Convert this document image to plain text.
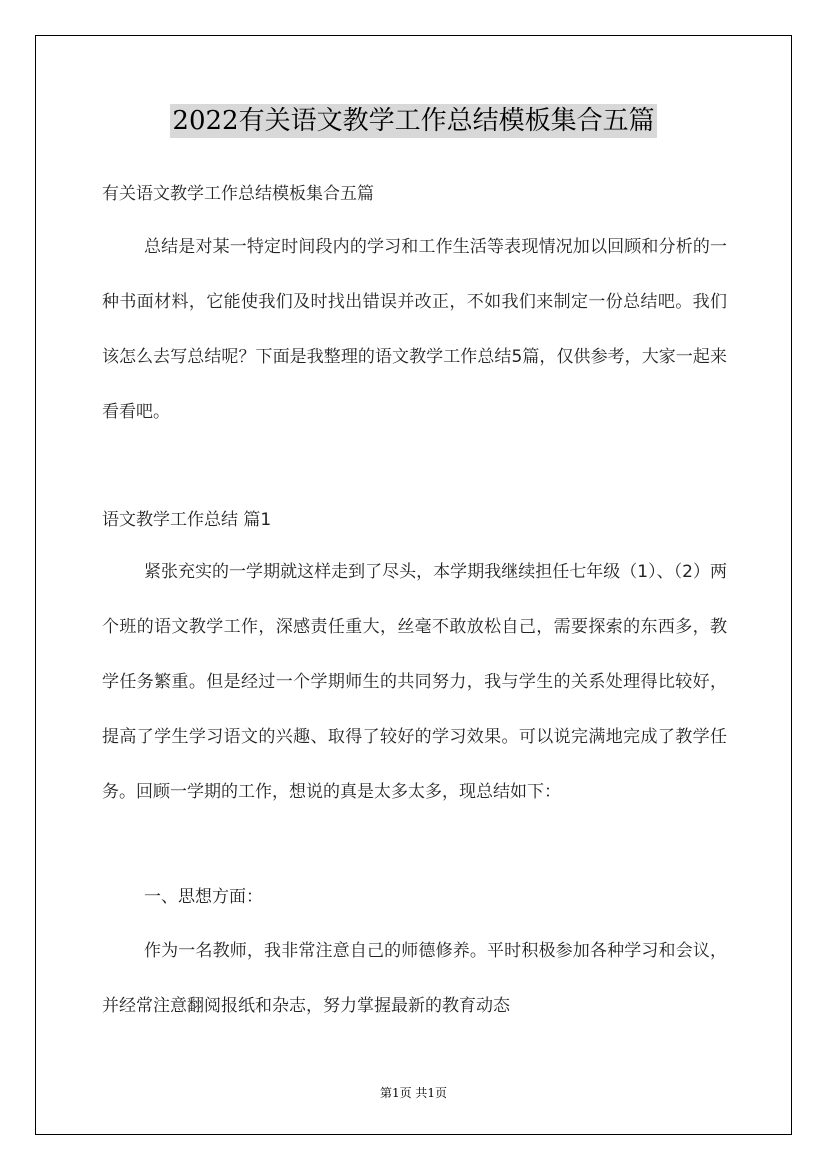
2022有关语文教学工作总结模板集合五篇

有关语文教学工作总结模板集合五篇

总结是对某一特定时间段内的学习和工作生活等表现情况加以回顾和分析的一种书面材料，它能使我们及时找出错误并改正，不如我们来制定一份总结吧。我们该怎么去写总结呢？下面是我整理的语文教学工作总结5篇，仅供参考，大家一起来看看吧。

语文教学工作总结 篇1

紧张充实的一学期就这样走到了尽头，本学期我继续担任七年级（1）、（2）两个班的语文教学工作，深感责任重大，丝毫不敢放松自己，需要探索的东西多，教学任务繁重。但是经过一个学期师生的共同努力，我与学生的关系处理得比较好，提高了学生学习语文的兴趣、取得了较好的学习效果。可以说完满地完成了教学任务。回顾一学期的工作，想说的真是太多太多，现总结如下：

一、思想方面：

作为一名教师，我非常注意自己的师德修养。平时积极参加各种学习和会议，并经常注意翻阅报纸和杂志，努力掌握最新的教育动态

第1页 共1页
